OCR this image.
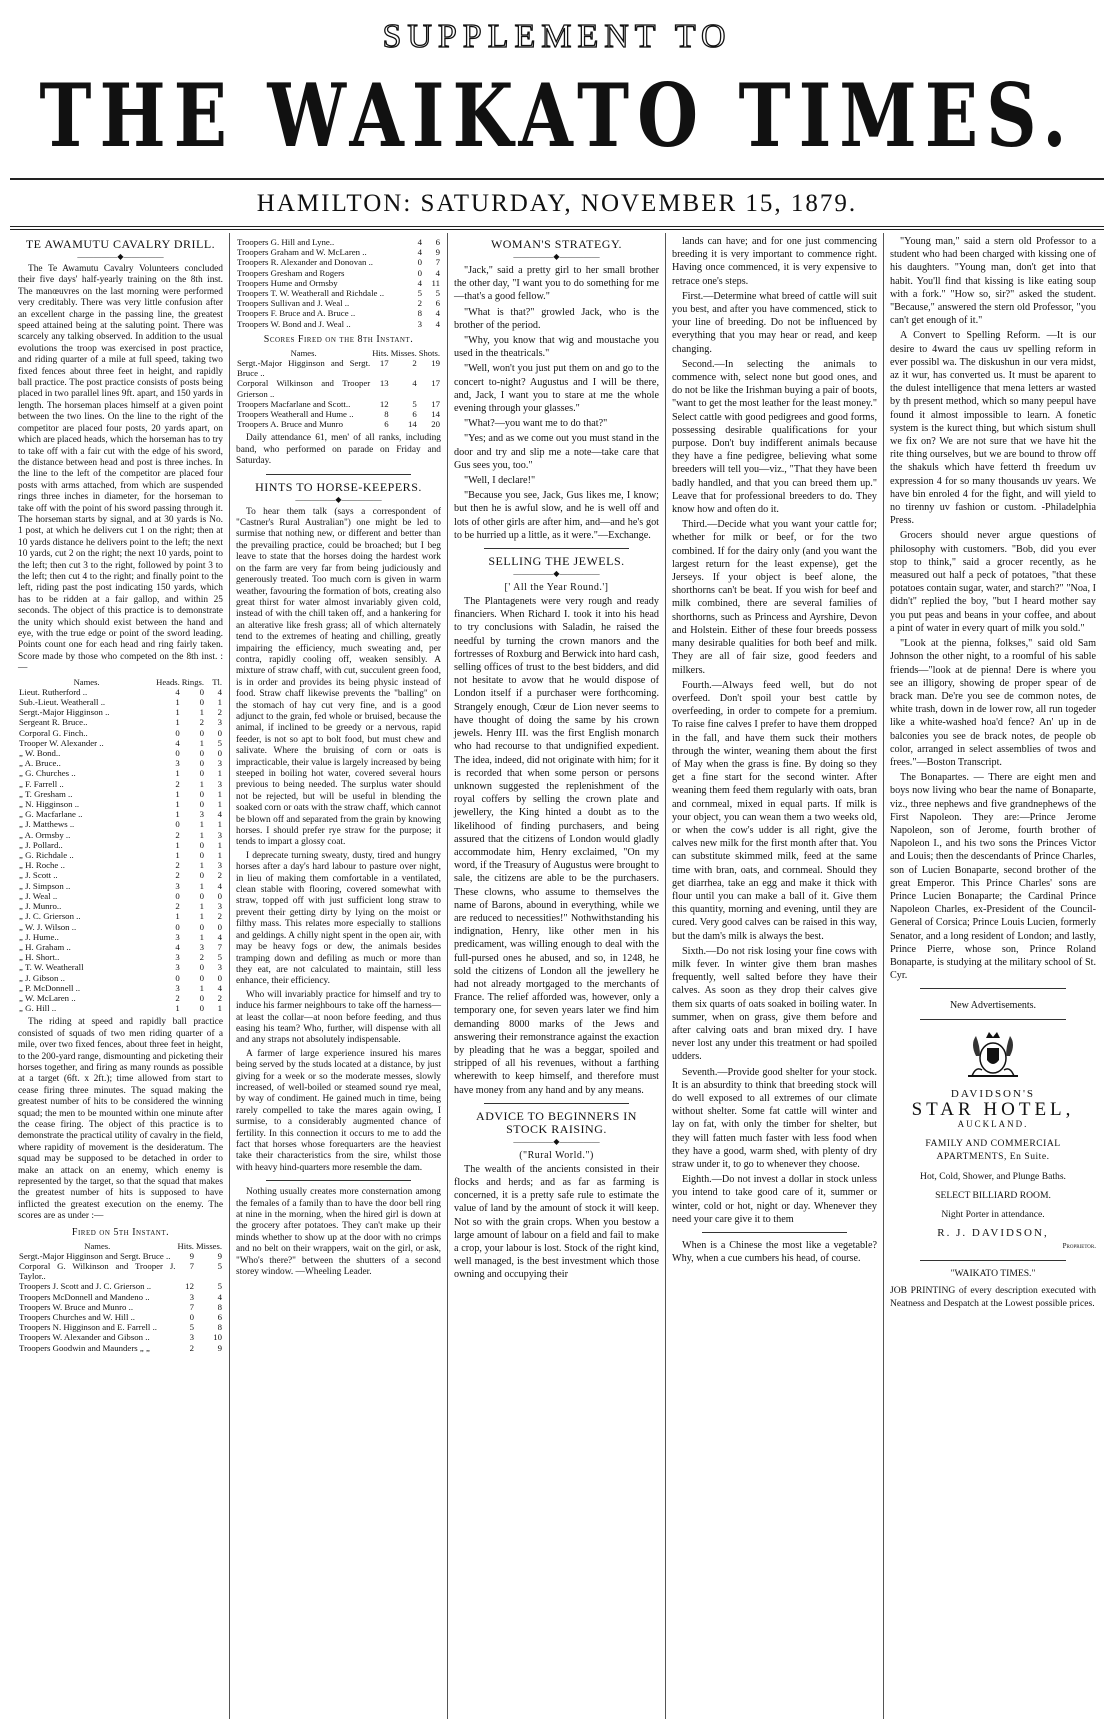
SUPPLEMENT TO
THE WAIKATO TIMES.
HAMILTON: SATURDAY, NOVEMBER 15, 1879.
TE AWAMUTU CAVALRY DRILL.
—————◆—————

The Te Awamutu Cavalry Volunteers concluded their five days' half-yearly training on the 8th inst. The manœuvres on the last morning were performed very creditably. There was very little confusion after an excellent charge in the passing line, the greatest speed attained being at the saluting point. There was scarcely any talking observed. In addition to the usual evolutions the troop was exercised in post practice, and riding quarter of a mile at full speed, taking two fixed fences about three feet in height, and rapidly ball practice. The post practice consists of posts being placed in two parallel lines 9ft. apart, and 150 yards in length. The horseman places himself at a given point between the two lines. On the line to the right of the competitor are placed four posts, 20 yards apart, on which are placed heads, which the horseman has to try to take off with a fair cut with the edge of his sword, the distance between head and post is three inches. In the line to the left of the competitor are placed four posts with arms attached, from which are suspended rings three inches in diameter, for the horseman to take off with the point of his sword passing through it. The horseman starts by signal, and at 30 yards is No. 1 post, at which he delivers cut 1 on the right; then at 10 yards distance he delivers point to the left; the next 10 yards, cut 2 on the right; the next 10 yards, point to the left; then cut 3 to the right, followed by point 3 to the left; then cut 4 to the right; and finally point to the left, riding past the post indicating 150 yards, which has to be ridden at a fair gallop, and within 25 seconds. The object of this practice is to demonstrate the unity which should exist between the hand and eye, with the true edge or point of the sword leading. Points count one for each head and ring fairly taken. Score made by those who competed on the 8th inst. :—

Names.	Heads.	Rings.	Tl.
Lieut. Rutherford ..	4	0	4
Sub.-Lieut. Weatherall ..	1	0	1
Sergt.-Major Higginson ..	1	1	2
Sergeant R. Bruce..	1	2	3
Corporal G. Finch..	0	0	0
Trooper W. Alexander ..	4	1	5
„ W. Bond..	0	0	0
„ A. Bruce..	3	0	3
„ G. Churches ..	1	0	1
„ F. Farrell ..	2	1	3
„ T. Gresham ..	1	0	1
„ N. Higginson ..	1	0	1
„ G. Macfarlane ..	1	3	4
„ J. Matthews ..	0	1	1
„ A. Ormsby ..	2	1	3
„ J. Pollard..	1	0	1
„ G. Richdale ..	1	0	1
„ H. Roche ..	2	1	3
„ J. Scott ..	2	0	2
„ J. Simpson ..	3	1	4
„ J. Weal ..	0	0	0
„ J. Munro..	2	1	3
„ J. C. Grierson ..	1	1	2
„ W. J. Wilson ..	0	0	0
„ J. Hume..	3	1	4
„ H. Graham ..	4	3	7
„ H. Short..	3	2	5
„ T. W. Weatherall	3	0	3
„ J. Gibson ..	0	0	0
„ P. McDonnell ..	3	1	4
„ W. McLaren ..	2	0	2
„ G. Hill ..	1	0	1

The riding at speed and rapidly ball practice consisted of squads of two men riding quarter of a mile, over two fixed fences, about three feet in height, to the 200-yard range, dismounting and picketing their horses together, and firing as many rounds as possible at a target (6ft. x 2ft.); time allowed from start to cease firing three minutes. The squad making the greatest number of hits to be considered the winning squad; the men to be mounted within one minute after the cease firing. The object of this practice is to demonstrate the practical utility of cavalry in the field, where rapidity of movement is the desideratum. The squad may be supposed to be detached in order to make an attack on an enemy, which enemy is represented by the target, so that the squad that makes the greatest number of hits is supposed to have inflicted the greatest execution on the enemy. The scores are as under :—

Fired on 5th Instant.
Names.	Hits.	Misses.
Sergt.-Major Higginson and Sergt. Bruce ..	9	9
Corporal G. Wilkinson and Trooper J. Taylor..	7	5
Troopers J. Scott and J. C. Grierson ..	12	5
Troopers McDonnell and Mandeno ..	3	4
Troopers W. Bruce and Munro ..	7	8
Troopers Churches and W. Hill ..	0	6
Troopers N. Higginson and E. Farrell ..	5	8
Troopers W. Alexander and Gibson ..	3	10
Troopers Goodwin and Maunders „ „	2	9
Troopers G. Hill and Lyne..	4	6
Troopers Graham and W. McLaren ..	4	9
Troopers R. Alexander and Donovan ..	0	7
Troopers Gresham and Rogers	0	4
Troopers Hume and Ormsby	4	11
Troopers T. W. Weatherall and Richdale ..	5	5
Troopers Sullivan and J. Weal ..	2	6
Troopers F. Bruce and A. Bruce ..	8	4
Troopers W. Bond and J. Weal ..	3	4
Scores Fired on the 8th Instant.
Names.	Hits.	Misses.	Shots.
Sergt.-Major Higginson and Sergt. Bruce ..	17	2	19
Corporal Wilkinson and Trooper Grierson ..	13	4	17
Troopers Macfarlane and Scott..	12	5	17
Troopers Weatherall and Hume ..	8	6	14
Troopers A. Bruce and Munro	6	14	20

Daily attendance 61, men' of all ranks, including band, who performed on parade on Friday and Saturday.

HINTS TO HORSE-KEEPERS.
—————◆—————

To hear them talk (says a correspondent of "Castner's Rural Australian") one might be led to surmise that nothing new, or different and better than the prevailing practice, could be broached; but I beg leave to state that the horses doing the hardest work on the farm are very far from being judiciously and generously treated. Too much corn is given in warm weather, favouring the formation of bots, creating also great thirst for water almost invariably given cold, instead of with the chill taken off, and a hankering for an alterative like fresh grass; all of which alternately tend to the extremes of heating and chilling, greatly impairing the efficiency, much sweating and, per contra, rapidly cooling off, weaken sensibly. A mixture of straw chaff, with cut, succulent green food, is in order and provides its being physic instead of food. Straw chaff likewise prevents the "balling" on the stomach of hay cut very fine, and is a good adjunct to the grain, fed whole or bruised, because the animal, if inclined to be greedy or a nervous, rapid feeder, is not so apt to bolt food, but must chew and salivate. Where the bruising of corn or oats is impracticable, their value is largely increased by being steeped in boiling hot water, covered several hours previous to being needed. The surplus water should not be rejected, but will be useful in blending the soaked corn or oats with the straw chaff, which cannot be blown off and separated from the grain by knowing horses. I should prefer rye straw for the purpose; it tends to impart a glossy coat.

I deprecate turning sweaty, dusty, tired and hungry horses after a day's hard labour to pasture over night, in lieu of making them comfortable in a ventilated, clean stable with flooring, covered somewhat with straw, topped off with just sufficient long straw to prevent their getting dirty by lying on the moist or filthy mass. This relates more especially to stallions and geldings. A chilly night spent in the open air, with may be heavy fogs or dew, the animals besides tramping down and defiling as much or more than they eat, are not calculated to maintain, still less enhance, their efficiency.

Who will invariably practice for himself and try to induce his farmer neighbours to take off the harness—at least the collar—at noon before feeding, and thus easing his team? Who, further, will dispense with all and any straps not absolutely indispensable.

A farmer of large experience insured his mares being served by the studs located at a distance, by just giving for a week or so the moderate messes, slowly increased, of well-boiled or steamed sound rye meal, by way of condiment. He gained much in time, being rarely compelled to take the mares again owing, I surmise, to a considerably augmented chance of fertility. In this connection it occurs to me to add the fact that horses whose forequarters are the heaviest take their characteristics from the sire, whilst those with heavy hind-quarters more resemble the dam.

Nothing usually creates more consternation among the females of a family than to have the door bell ring at nine in the morning, when the hired girl is down at the grocery after potatoes. They can't make up their minds whether to show up at the door with no crimps and no belt on their wrappers, wait on the girl, or ask, "Who's there?" between the shutters of a second storey window. —Wheeling Leader.

WOMAN'S STRATEGY.
—————◆—————

"Jack," said a pretty girl to her small brother the other day, "I want you to do something for me—that's a good fellow."

"What is that?" growled Jack, who is the brother of the period.

"Why, you know that wig and moustache you used in the theatricals."

"Well, won't you just put them on and go to the concert to-night? Augustus and I will be there, and, Jack, I want you to stare at me the whole evening through your glasses."

"What?—you want me to do that?"

"Yes; and as we come out you must stand in the door and try and slip me a note—take care that Gus sees you, too."

"Well, I declare!"

"Because you see, Jack, Gus likes me, I know; but then he is awful slow, and he is well off and lots of other girls are after him, and—and he's got to be hurried up a little, as it were."—Exchange.

SELLING THE JEWELS.
—————◆—————
[' All the Year Round.']

The Plantagenets were very rough and ready financiers. When Richard I. took it into his head to try conclusions with Saladin, he raised the needful by turning the crown manors and the fortresses of Roxburg and Berwick into hard cash, selling offices of trust to the best bidders, and did not hesitate to avow that he would dispose of London itself if a purchaser were forthcoming. Strangely enough, Cœur de Lion never seems to have thought of doing the same by his crown jewels. Henry III. was the first English monarch who had recourse to that undignified expedient. The idea, indeed, did not originate with him; for it is recorded that when some person or persons unknown suggested the replenishment of the royal coffers by selling the crown plate and jewellery, the King hinted a doubt as to the likelihood of finding purchasers, and being assured that the citizens of London would gladly accommodate him, Henry exclaimed, "On my word, if the Treasury of Augustus were brought to sale, the citizens are able to be the purchasers. These clowns, who assume to themselves the name of Barons, abound in everything, while we are reduced to necessities!" Nothwithstanding his indignation, Henry, like other men in his predicament, was willing enough to deal with the full-pursed ones he abused, and so, in 1248, he sold the citizens of London all the jewellery he had not already mortgaged to the merchants of France. The relief afforded was, however, only a temporary one, for seven years later we find him demanding 8000 marks of the Jews and answering their remonstrance against the exaction by pleading that he was a beggar, spoiled and stripped of all his revenues, without a farthing wherewith to keep himself, and therefore must have money from any hand and by any means.

ADVICE TO BEGINNERS IN STOCK RAISING.
—————◆—————
("Rural World.")

The wealth of the ancients consisted in their flocks and herds; and as far as farming is concerned, it is a pretty safe rule to estimate the value of land by the amount of stock it will keep. Not so with the grain crops. When you bestow a large amount of labour on a field and fail to make a crop, your labour is lost. Stock of the right kind, well managed, is the best investment which those owning and occupying their

lands can have; and for one just commencing breeding it is very important to commence right. Having once commenced, it is very expensive to retrace one's steps.

First.—Determine what breed of cattle will suit you best, and after you have commenced, stick to your line of breeding. Do not be influenced by everything that you may hear or read, and keep changing.

Second.—In selecting the animals to commence with, select none but good ones, and do not be like the Irishman buying a pair of boots, "want to get the most leather for the least money." Select cattle with good pedigrees and good forms, possessing desirable qualifications for your purpose. Don't buy indifferent animals because they have a fine pedigree, believing what some breeders will tell you—viz., "That they have been badly handled, and that you can breed them up." Leave that for professional breeders to do. They know how and often do it.

Third.—Decide what you want your cattle for; whether for milk or beef, or for the two combined. If for the dairy only (and you want the largest return for the least expense), get the Jerseys. If your object is beef alone, the shorthorns can't be beat. If you wish for beef and milk combined, there are several families of shorthorns, such as Princess and Ayrshire, Devon and Holstein. Either of these four breeds possess many desirable qualities for both beef and milk. They are all of fair size, good feeders and milkers.

Fourth.—Always feed well, but do not overfeed. Don't spoil your best cattle by overfeeding, in order to compete for a premium. To raise fine calves I prefer to have them dropped in the fall, and have them suck their mothers through the winter, weaning them about the first of May when the grass is fine. By doing so they get a fine start for the second winter. After weaning them feed them regularly with oats, bran and cornmeal, mixed in equal parts. If milk is your object, you can wean them a two weeks old, or when the cow's udder is all right, give the calves new milk for the first month after that. You can substitute skimmed milk, feed at the same time with bran, oats, and cornmeal. Should they get diarrhea, take an egg and make it thick with flour until you can make a ball of it. Give them this quantity, morning and evening, until they are cured. Very good calves can be raised in this way, but the dam's milk is always the best.

Sixth.—Do not risk losing your fine cows with milk fever. In winter give them bran mashes frequently, well salted before they have their calves. As soon as they drop their calves give them six quarts of oats soaked in boiling water. In summer, when on grass, give them before and after calving oats and bran mixed dry. I have never lost any under this treatment or had spoiled udders.

Seventh.—Provide good shelter for your stock. It is an absurdity to think that breeding stock will do well exposed to all extremes of our climate without shelter. Some fat cattle will winter and lay on fat, with only the timber for shelter, but they will fatten much faster with less food when they have a good, warm shed, with plenty of dry straw under it, to go to whenever they choose.

Eighth.—Do not invest a dollar in stock unless you intend to take good care of it, summer or winter, cold or hot, night or day. Whenever they need your care give it to them

When is a Chinese the most like a vegetable? Why, when a cue cumbers his head, of course.

"Young man," said a stern old Professor to a student who had been charged with kissing one of his daughters. "Young man, don't get into that habit. You'll find that kissing is like eating soup with a fork." "How so, sir?" asked the student. "Because," answered the stern old Professor, "you can't get enough of it."

A Convert to Spelling Reform. —It is our desire to 4ward the caus uv spelling reform in ever possibl wa. The diskushun in our vera midst, az it wur, has converted us. It must be aparent to the dulest intelligence that mena letters ar wasted by th present method, which so many peepul have found it almost impossible to learn. A fonetic system is the kurect thing, but which sistum shull we fix on? We are not sure that we have hit the rite thing ourselves, but we are bound to throw off the shakuls which have fetterd th freedum uv expression 4 for so many thousands uv years. We have bin enroled 4 for the fight, and will yield to no tirenny uv fashion or custom. -Philadelphia Press.

Grocers should never argue questions of philosophy with customers. "Bob, did you ever stop to think," said a grocer recently, as he measured out half a peck of potatoes, "that these potatoes contain sugar, water, and starch?" "Noa, I didn't" replied the boy, "but I heard mother say you put peas and beans in your coffee, and about a pint of water in every quart of milk you sold."

"Look at the pienna, folkses," said old Sam Johnson the other night, to a roomful of his sable friends—"look at de pienna! Dere is where you see an illigory, showing de proper spear of de brack man. De're you see de common notes, de white trash, down in de lower row, all run togeder like a white-washed hoa'd fence? An' up in de balconies you see de brack notes, de people ob color, arranged in select assemblies of twos and frees."—Boston Transcript.

The Bonapartes. — There are eight men and boys now living who bear the name of Bonaparte, viz., three nephews and five grandnephews of the First Napoleon. They are:—Prince Jerome Napoleon, son of Jerome, fourth brother of Napoleon I., and his two sons the Princes Victor and Louis; then the descendants of Prince Charles, son of Lucien Bonaparte, second brother of the great Emperor. This Prince Charles' sons are Prince Lucien Bonaparte; the Cardinal Prince Napoleon Charles, ex-President of the Council-General of Corsica; Prince Louis Lucien, formerly Senator, and a long resident of London; and lastly, Prince Pierre, whose son, Prince Roland Bonaparte, is studying at the military school of St. Cyr.

New Advertisements.
DAVIDSON'S
STAR HOTEL,
AUCKLAND.
FAMILY AND COMMERCIAL APARTMENTS, En Suite.
Hot, Cold, Shower, and Plunge Baths.
SELECT BILLIARD ROOM.
Night Porter in attendance.
R. J. DAVIDSON,
Proprietor.
"WAIKATO TIMES."
JOB PRINTING of every description executed with Neatness and Despatch at the Lowest possible prices.
